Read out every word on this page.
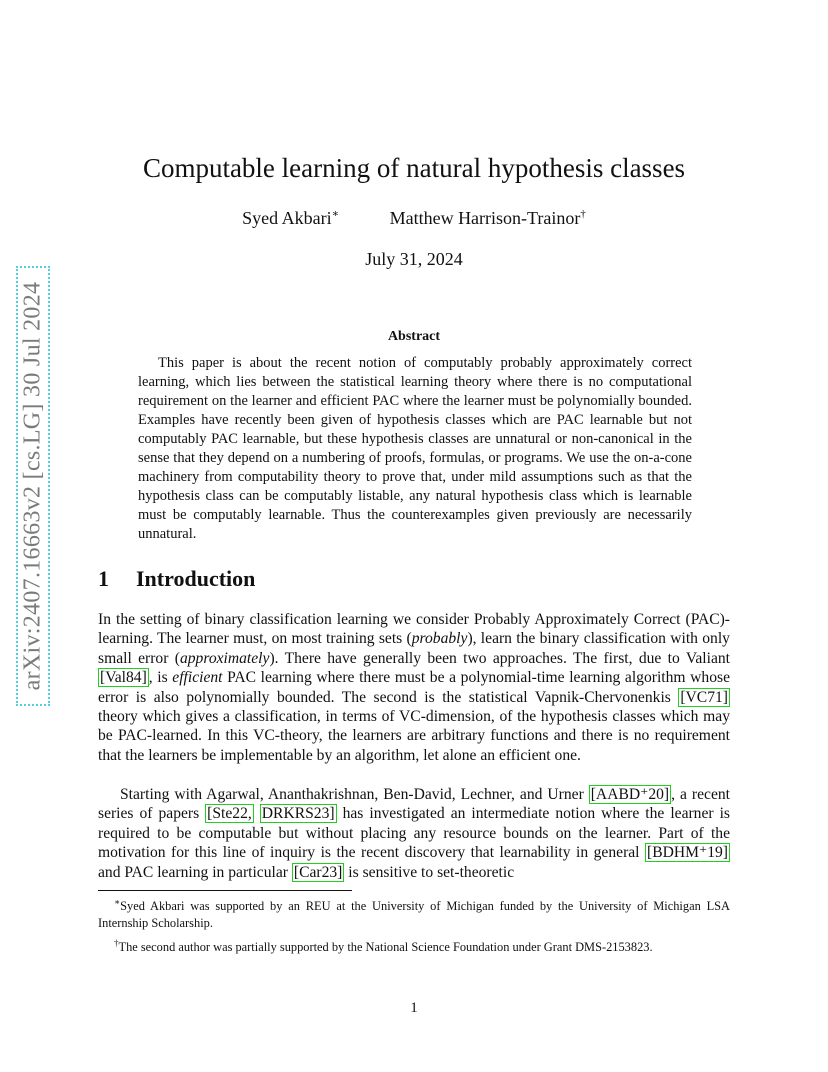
arXiv:2407.16663v2 [cs.LG] 30 Jul 2024
Computable learning of natural hypothesis classes
Syed Akbari∗	Matthew Harrison-Trainor†
July 31, 2024
Abstract

This paper is about the recent notion of computably probably approximately correct learning, which lies between the statistical learning theory where there is no computational requirement on the learner and efficient PAC where the learner must be polynomially bounded. Examples have recently been given of hypothesis classes which are PAC learnable but not computably PAC learnable, but these hypothesis classes are unnatural or non-canonical in the sense that they depend on a numbering of proofs, formulas, or programs. We use the on-a-cone machinery from computability theory to prove that, under mild assumptions such as that the hypothesis class can be computably listable, any natural hypothesis class which is learnable must be computably learnable. Thus the counterexamples given previously are necessarily unnatural.

1 Introduction

In the setting of binary classification learning we consider Probably Approximately Correct (PAC)-learning. The learner must, on most training sets (probably), learn the binary classification with only small error (approximately). There have generally been two approaches. The first, due to Valiant [Val84] , is efficient PAC learning where there must be a polynomial-time learning algorithm whose error is also polynomially bounded. The second is the statistical Vapnik-Chervonenkis [VC71] theory which gives a classification, in terms of VC-dimension, of the hypothesis classes which may be PAC-learned. In this VC-theory, the learners are arbitrary functions and there is no requirement that the learners be implementable by an algorithm, let alone an efficient one.

Starting with Agarwal, Ananthakrishnan, Ben-David, Lechner, and Urner [AABD⁺20] , a recent series of papers [Ste22, DRKRS23] has investigated an intermediate notion where the learner is required to be computable but without placing any resource bounds on the learner. Part of the motivation for this line of inquiry is the recent discovery that learnability in general [BDHM⁺19] and PAC learning in particular [Car23] is sensitive to set-theoretic

∗Syed Akbari was supported by an REU at the University of Michigan funded by the University of Michigan LSA Internship Scholarship.

†The second author was partially supported by the National Science Foundation under Grant DMS-2153823.

1
